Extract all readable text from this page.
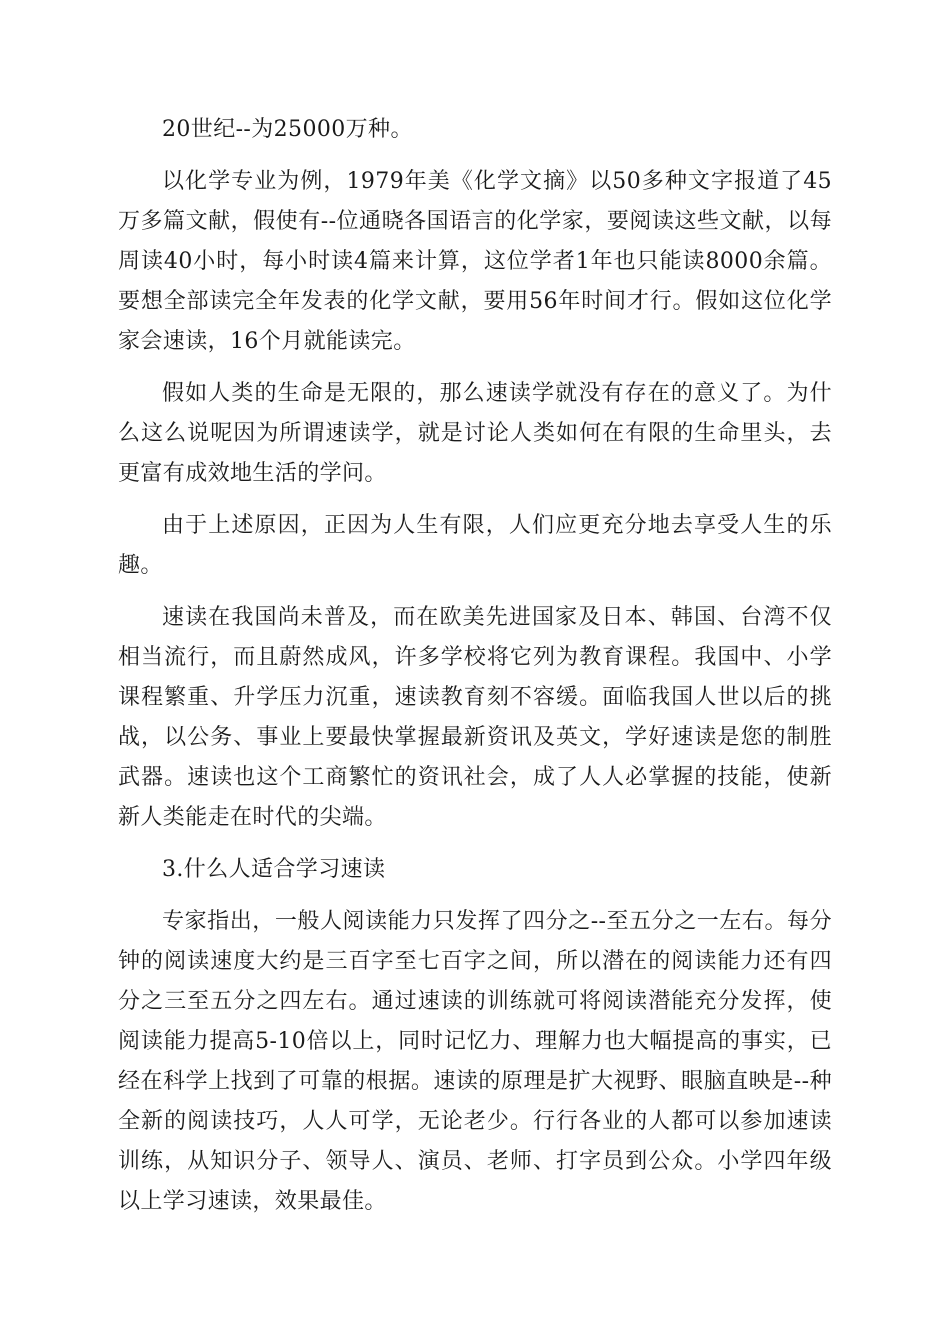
20世纪--为25000万种。

以化学专业为例，1979年美《化学文摘》以50多种文字报道了45万多篇文献，假使有--位通晓各国语言的化学家，要阅读这些文献，以每周读40小时，每小时读4篇来计算，这位学者1年也只能读8000余篇。要想全部读完全年发表的化学文献，要用56年时间才行。假如这位化学家会速读，16个月就能读完。

假如人类的生命是无限的，那么速读学就没有存在的意义了。为什么这么说呢因为所谓速读学，就是讨论人类如何在有限的生命里头，去更富有成效地生活的学问。

由于上述原因，正因为人生有限，人们应更充分地去享受人生的乐趣。

速读在我国尚未普及，而在欧美先进国家及日本、韩国、台湾不仅相当流行，而且蔚然成风，许多学校将它列为教育课程。我国中、小学课程繁重、升学压力沉重，速读教育刻不容缓。面临我国人世以后的挑战，以公务、事业上要最快掌握最新资讯及英文，学好速读是您的制胜武器。速读也这个工商繁忙的资讯社会，成了人人必掌握的技能，使新新人类能走在时代的尖端。

3.什么人适合学习速读

专家指出，一般人阅读能力只发挥了四分之--至五分之一左右。每分钟的阅读速度大约是三百字至七百字之间，所以潜在的阅读能力还有四分之三至五分之四左右。通过速读的训练就可将阅读潜能充分发挥，使阅读能力提高5-10倍以上，同时记忆力、理解力也大幅提高的事实，已经在科学上找到了可靠的根据。速读的原理是扩大视野、眼脑直映是--种全新的阅读技巧，人人可学，无论老少。行行各业的人都可以参加速读训练，从知识分子、领导人、演员、老师、打字员到公众。小学四年级以上学习速读，效果最佳。
